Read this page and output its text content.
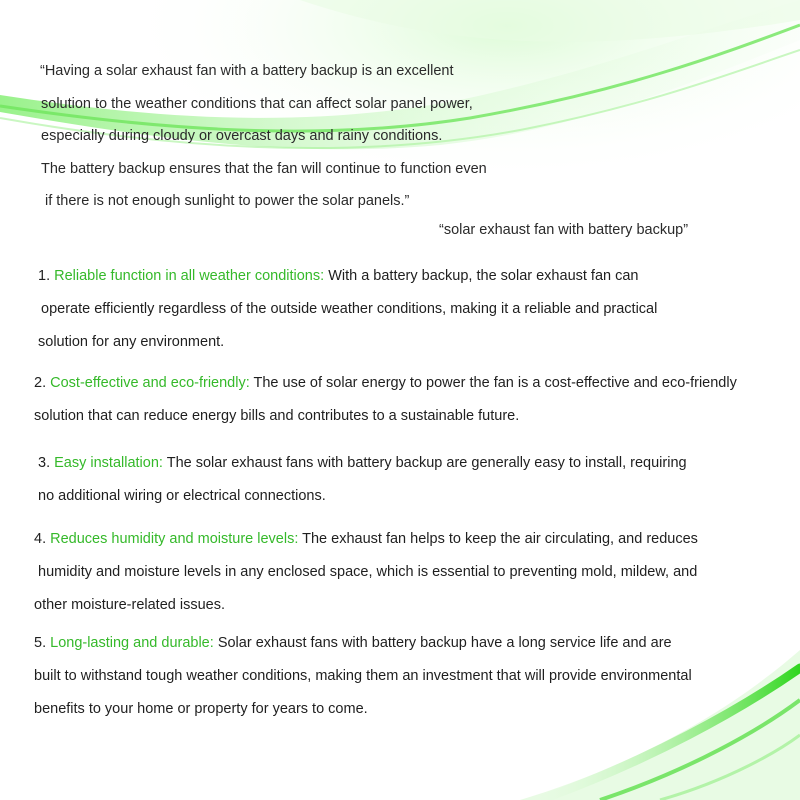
“Having a solar exhaust fan with a battery backup is an excellent
solution to the weather conditions that can affect solar panel power,
especially during cloudy or overcast days and rainy conditions.
The battery backup ensures that the fan will continue to function even
if there is not enough sunlight to power the solar panels.”
“solar exhaust fan with battery backup”
1. Reliable function in all weather conditions: With a battery backup, the solar exhaust fan can
operate efficiently regardless of the outside weather conditions, making it a reliable and practical
solution for any environment.
2. Cost-effective and eco-friendly: The use of solar energy to power the fan is a cost-effective and eco-friendly
solution that can reduce energy bills and contributes to a sustainable future.
3. Easy installation: The solar exhaust fans with battery backup are generally easy to install, requiring
no additional wiring or electrical connections.
4. Reduces humidity and moisture levels: The exhaust fan helps to keep the air circulating, and reduces
humidity and moisture levels in any enclosed space, which is essential to preventing mold, mildew, and
other moisture-related issues.
5. Long-lasting and durable: Solar exhaust fans with battery backup have a long service life and are
built to withstand tough weather conditions, making them an investment that will provide environmental
benefits to your home or property for years to come.
